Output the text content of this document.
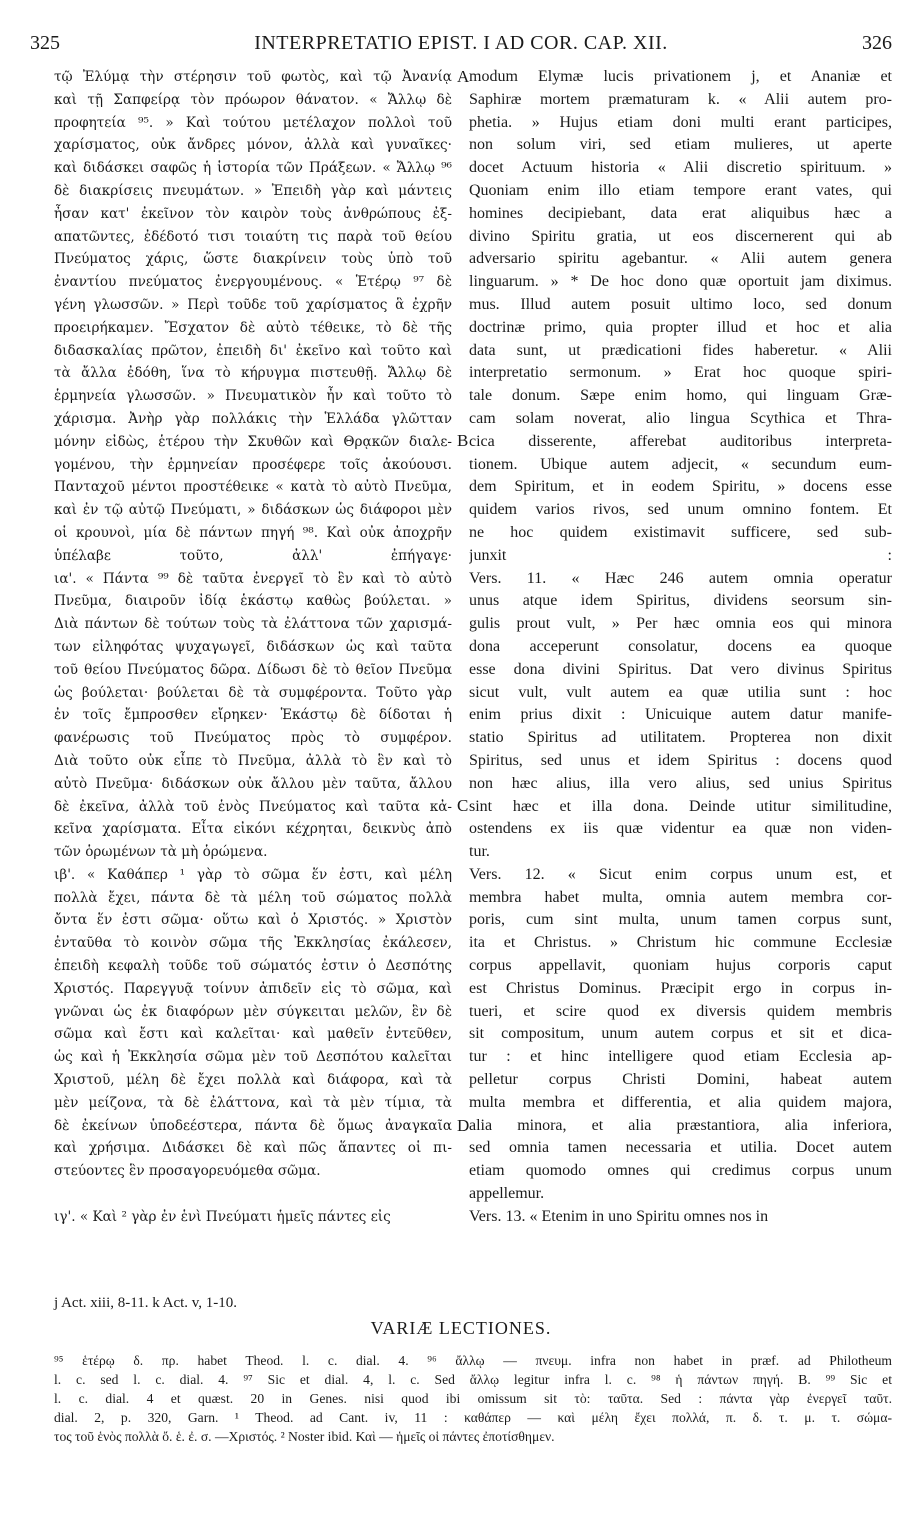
325	INTERPRETATIO EPIST. I AD COR. CAP. XII.	326
τῷ Ἐλύμᾳ τὴν στέρησιν τοῦ φωτὸς, καὶ τῷ Ἀνανίᾳ
καὶ τῇ Σαπφείρᾳ τὸν πρόωρον θάνατον. « Ἄλλῳ δὲ
προφητεία ⁹⁵. » Καὶ τούτου μετέλαχον πολλοὶ τοῦ
χαρίσματος, οὐκ ἄνδρες μόνον, ἀλλὰ καὶ γυναῖκες·
καὶ διδάσκει σαφῶς ἡ ἱστορία τῶν Πράξεων. « Ἄλλῳ ⁹⁶
δὲ διακρίσεις πνευμάτων. » Ἐπειδὴ γὰρ καὶ μάντεις
ἦσαν κατ' ἐκεῖνον τὸν καιρὸν τοὺς ἀνθρώπους ἐξ-
απατῶντες, ἐδέδοτό τισι τοιαύτη τις παρὰ τοῦ θείου
Πνεύματος χάρις, ὥστε διακρίνειν τοὺς ὑπὸ τοῦ
ἐναντίου πνεύματος ἐνεργουμένους. « Ἑτέρῳ ⁹⁷ δὲ
γένη γλωσσῶν. » Περὶ τοῦδε τοῦ χαρίσματος ἃ ἐχρῆν
προειρήκαμεν. Ἔσχατον δὲ αὐτὸ τέθεικε, τὸ δὲ τῆς
διδασκαλίας πρῶτον, ἐπειδὴ δι' ἐκεῖνο καὶ τοῦτο καὶ
τὰ ἄλλα ἐδόθη, ἵνα τὸ κήρυγμα πιστευθῇ. Ἄλλῳ δὲ
ἑρμηνεία γλωσσῶν. » Πνευματικὸν ἦν καὶ τοῦτο τὸ
χάρισμα. Ἀνὴρ γὰρ πολλάκις τὴν Ἑλλάδα γλῶτταν
μόνην εἰδὼς, ἑτέρου τὴν Σκυθῶν καὶ Θρᾳκῶν διαλε-
γομένου, τὴν ἑρμηνείαν προσέφερε τοῖς ἀκούουσι.
Πανταχοῦ μέντοι προστέθεικε « κατὰ τὸ αὐτὸ Πνεῦμα,
καὶ ἐν τῷ αὐτῷ Πνεύματι, » διδάσκων ὡς διάφοροι μὲν
οἱ κρουνοὶ, μία δὲ πάντων πηγή ⁹⁸. Καὶ οὐκ ἀποχρῆν
ὑπέλαβε τοῦτο, ἀλλ' ἐπήγαγε·
ια'. « Πάντα ⁹⁹ δὲ ταῦτα ἐνεργεῖ τὸ ἓν καὶ τὸ αὐτὸ
Πνεῦμα, διαιροῦν ἰδίᾳ ἑκάστῳ καθὼς βούλεται. »
Διὰ πάντων δὲ τούτων τοὺς τὰ ἐλάττονα τῶν χαρισμά-
των εἰληφότας ψυχαγωγεῖ, διδάσκων ὡς καὶ ταῦτα
τοῦ θείου Πνεύματος δῶρα. Δίδωσι δὲ τὸ θεῖον Πνεῦμα
ὡς βούλεται· βούλεται δὲ τὰ συμφέροντα. Τοῦτο γὰρ
ἐν τοῖς ἔμπροσθεν εἴρηκεν· Ἑκάστῳ δὲ δίδοται ἡ
φανέρωσις τοῦ Πνεύματος πρὸς τὸ συμφέρον.
Διὰ τοῦτο οὐκ εἶπε τὸ Πνεῦμα, ἀλλὰ τὸ ἓν καὶ τὸ
αὐτὸ Πνεῦμα· διδάσκων οὐκ ἄλλου μὲν ταῦτα, ἄλλου
δὲ ἐκεῖνα, ἀλλὰ τοῦ ἑνὸς Πνεύματος καὶ ταῦτα κἀ-
κεῖνα χαρίσματα. Εἶτα εἰκόνι κέχρηται, δεικνὺς ἀπὸ
τῶν ὁρωμένων τὰ μὴ ὁρώμενα.
ιβ'. « Καθάπερ ¹ γὰρ τὸ σῶμα ἕν ἐστι, καὶ μέλη
πολλὰ ἔχει, πάντα δὲ τὰ μέλη τοῦ σώματος πολλὰ
ὄντα ἕν ἐστι σῶμα· οὕτω καὶ ὁ Χριστός. » Χριστὸν
ἐνταῦθα τὸ κοινὸν σῶμα τῆς Ἐκκλησίας ἐκάλεσεν,
ἐπειδὴ κεφαλὴ τοῦδε τοῦ σώματός ἐστιν ὁ Δεσπότης
Χριστός. Παρεγγυᾷ τοίνυν ἀπιδεῖν εἰς τὸ σῶμα, καὶ
γνῶναι ὡς ἐκ διαφόρων μὲν σύγκειται μελῶν, ἓν δὲ
σῶμα καὶ ἔστι καὶ καλεῖται· καὶ μαθεῖν ἐντεῦθεν,
ὡς καὶ ἡ Ἐκκλησία σῶμα μὲν τοῦ Δεσπότου καλεῖται
Χριστοῦ, μέλη δὲ ἔχει πολλὰ καὶ διάφορα, καὶ τὰ
μὲν μείζονα, τὰ δὲ ἐλάττονα, καὶ τὰ μὲν τίμια, τὰ
δὲ ἐκείνων ὑποδεέστερα, πάντα δὲ ὅμως ἀναγκαῖα
καὶ χρήσιμα. Διδάσκει δὲ καὶ πῶς ἅπαντες οἱ πι-
στεύοντες ἓν προσαγορευόμεθα σῶμα.
ιγ'. « Καὶ ² γὰρ ἐν ἑνὶ Πνεύματι ἡμεῖς πάντες εἰς
modum Elymæ lucis privationem j, et Ananiæ et
Saphiræ mortem præmaturam k. « Alii autem pro-
phetia. » Hujus etiam doni multi erant participes,
non solum viri, sed etiam mulieres, ut aperte
docet Actuum historia « Alii discretio spirituum. »
Quoniam enim illo etiam tempore erant vates, qui
homines decipiebant, data erat aliquibus hæc a
divino Spiritu gratia, ut eos discernerent qui ab
adversario spiritu agebantur. « Alii autem genera
linguarum. » * De hoc dono quæ oportuit jam diximus.
mus. Illud autem posuit ultimo loco, sed donum
doctrinæ primo, quia propter illud et hoc et alia
data sunt, ut prædicationi fides haberetur. « Alii
interpretatio sermonum. » Erat hoc quoque spiri-
tale donum. Sæpe enim homo, qui linguam Græ-
cam solam noverat, alio lingua Scythica et Thra-
cica disserente, afferebat auditoribus interpreta-
tionem. Ubique autem adjecit, « secundum eum-
dem Spiritum, et in eodem Spiritu, » docens esse
quidem varios rivos, sed unum omnino fontem. Et
ne hoc quidem existimavit sufficere, sed sub-
junxit :
Vers. 11. « Hæc 246 autem omnia operatur
unus atque idem Spiritus, dividens seorsum sin-
gulis prout vult, » Per hæc omnia eos qui minora
dona acceperunt consolatur, docens ea quoque
esse dona divini Spiritus. Dat vero divinus Spiritus
sicut vult, vult autem ea quæ utilia sunt : hoc
enim prius dixit : Unicuique autem datur manife-
statio Spiritus ad utilitatem. Propterea non dixit
Spiritus, sed unus et idem Spiritus : docens quod
non hæc alius, illa vero alius, sed unius Spiritus
sint hæc et illa dona. Deinde utitur similitudine,
ostendens ex iis quæ videntur ea quæ non viden-
tur.
Vers. 12. « Sicut enim corpus unum est, et
membra habet multa, omnia autem membra cor-
poris, cum sint multa, unum tamen corpus sunt,
ita et Christus. » Christum hic commune Ecclesiæ
corpus appellavit, quoniam hujus corporis caput
est Christus Dominus. Præcipit ergo in corpus in-
tueri, et scire quod ex diversis quidem membris
sit compositum, unum autem corpus et sit et dica-
tur : et hinc intelligere quod etiam Ecclesia ap-
pelletur corpus Christi Domini, habeat autem
multa membra et differentia, et alia quidem majora,
alia minora, et alia præstantiora, alia inferiora,
sed omnia tamen necessaria et utilia. Docet autem
etiam quomodo omnes qui credimus corpus unum
appellemur.
Vers. 13. « Etenim in uno Spiritu omnes nos in
A
B
C
D
j Act. xiii, 8-11. k Act. v, 1-10.
VARIÆ LECTIONES.
⁹⁵ ἑτέρῳ δ. πρ. habet Theod. l. c. dial. 4. ⁹⁶ ἄλλῳ — πνευμ. infra non habet in præf. ad Philotheum
l. c. sed l. c. dial. 4. ⁹⁷ Sic et dial. 4, l. c. Sed ἄλλῳ legitur infra l. c. ⁹⁸ ἡ πάντων πηγή. B. ⁹⁹ Sic et
l. c. dial. 4 et quæst. 20 in Genes. nisi quod ibi omissum sit τὸ: ταῦτα. Sed : πάντα γὰρ ἐνεργεῖ ταῦτ.
dial. 2, p. 320, Garn. ¹ Theod. ad Cant. iv, 11 : καθάπερ — καὶ μέλη ἔχει πολλά, π. δ. τ. μ. τ. σώμα-
τος τοῦ ἑνὸς πολλὰ ὄ. ἑ. ἐ. σ. —Χριστός. ² Noster ibid. Καὶ — ἡμεῖς οἱ πάντες ἐποτίσθημεν.
